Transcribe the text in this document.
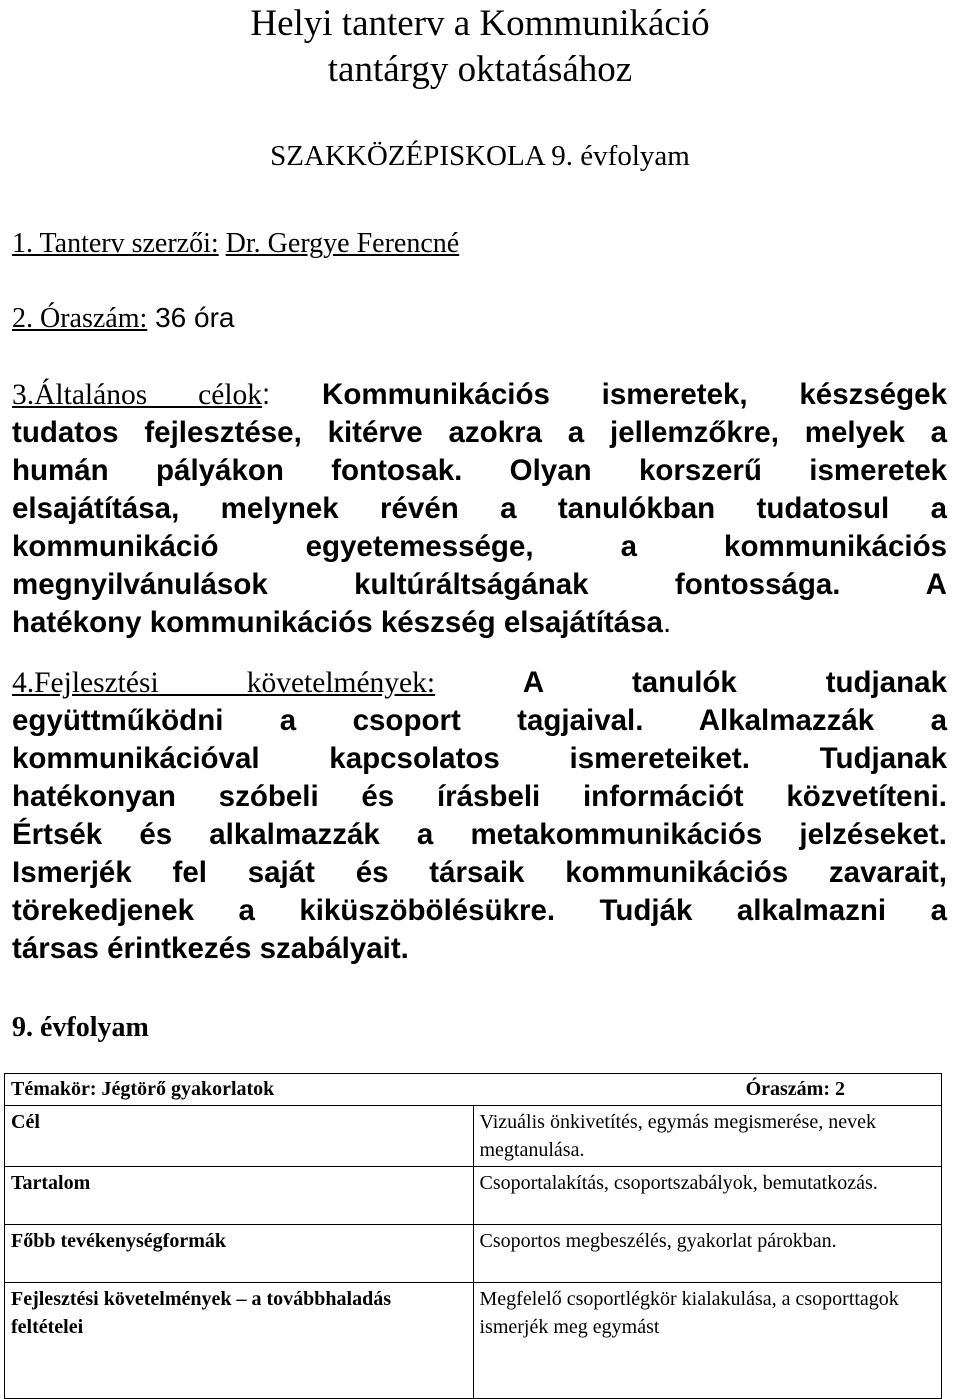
Helyi tanterv a Kommunikáció
tantárgy oktatásához
SZAKKÖZÉPISKOLA 9. évfolyam
1. Tanterv szerzői: Dr. Gergye Ferencné
2. Óraszám: 36 óra
3.Általános célok: Kommunikációs ismeretek, készségek
tudatos fejlesztése, kitérve azokra a jellemzőkre, melyek a
humán pályákon fontosak. Olyan korszerű ismeretek
elsajátítása, melynek révén a tanulókban tudatosul a
kommunikáció egyetemessége, a kommunikációs
megnyilvánulások kultúráltságának fontossága. A
hatékony kommunikációs készség elsajátítása.
4.Fejlesztési követelmények: A tanulók tudjanak
együttműködni a csoport tagjaival. Alkalmazzák a
kommunikációval kapcsolatos ismereteiket. Tudjanak
hatékonyan szóbeli és írásbeli információt közvetíteni.
Értsék és alkalmazzák a metakommunikációs jelzéseket.
Ismerjék fel saját és társaik kommunikációs zavarait,
törekedjenek a kiküszöbölésükre. Tudják alkalmazni a
társas érintkezés szabályait.
9. évfolyam
Témakör: Jégtörő gyakorlatok Óraszám: 2	

Cél	Vizuális önkivetítés, egymás megismerése, nevek megtanulása.
Tartalom	Csoportalakítás, csoportszabályok, bemutatkozás.
Főbb tevékenységformák	Csoportos megbeszélés, gyakorlat párokban.
Fejlesztési követelmények – a továbbhaladás feltételei	Megfelelő csoportlégkör kialakulása, a csoporttagok ismerjék meg egymást
